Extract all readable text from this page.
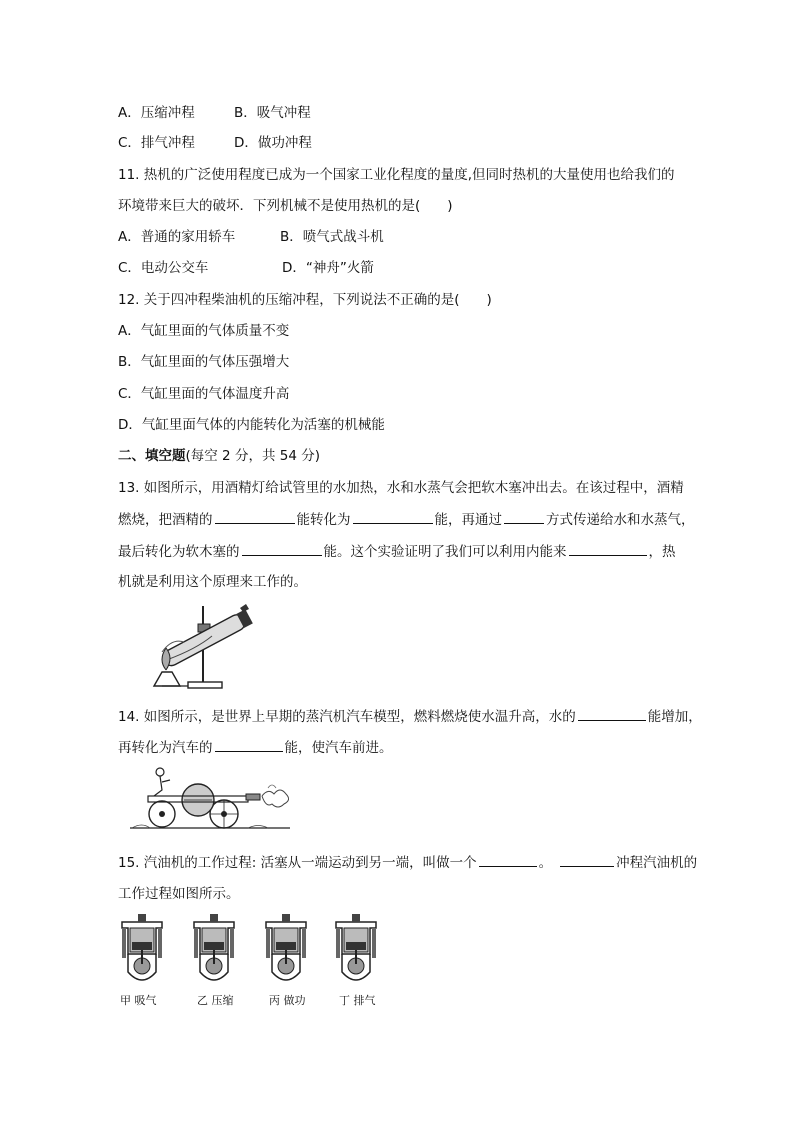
A．压缩冲程	B．吸气冲程
C．排气冲程	D．做功冲程
11. 热机的广泛使用程度已成为一个国家工业化程度的量度,但同时热机的大量使用也给我们的
环境带来巨大的破坏．下列机械不是使用热机的是(　　)
A．普通的家用轿车	B．喷气式战斗机
C．电动公交车	D．“神舟”火箭
12. 关于四冲程柴油机的压缩冲程，下列说法不正确的是(　　)
A．气缸里面的气体质量不变
B．气缸里面的气体压强增大
C．气缸里面的气体温度升高
D．气缸里面气体的内能转化为活塞的机械能
二、填空题(每空 2 分，共 54 分)
13. 如图所示，用酒精灯给试管里的水加热，水和水蒸气会把软木塞冲出去。在该过程中，酒精
燃烧，把酒精的	能转化为	能，再通过	方式传递给水和水蒸气，
最后转化为软木塞的	能。这个实验证明了我们可以利用内能来	，热
机就是利用这个原理来工作的。
14. 如图所示，是世界上早期的蒸汽机汽车模型，燃料燃烧使水温升高，水的	能增加，
再转化为汽车的	能，使汽车前进。
15. 汽油机的工作过程: 活塞从一端运动到另一端，叫做一个	。	冲程汽油机的
工作过程如图所示。
甲 吸气	乙 压缩	丙 做功	丁 排气
